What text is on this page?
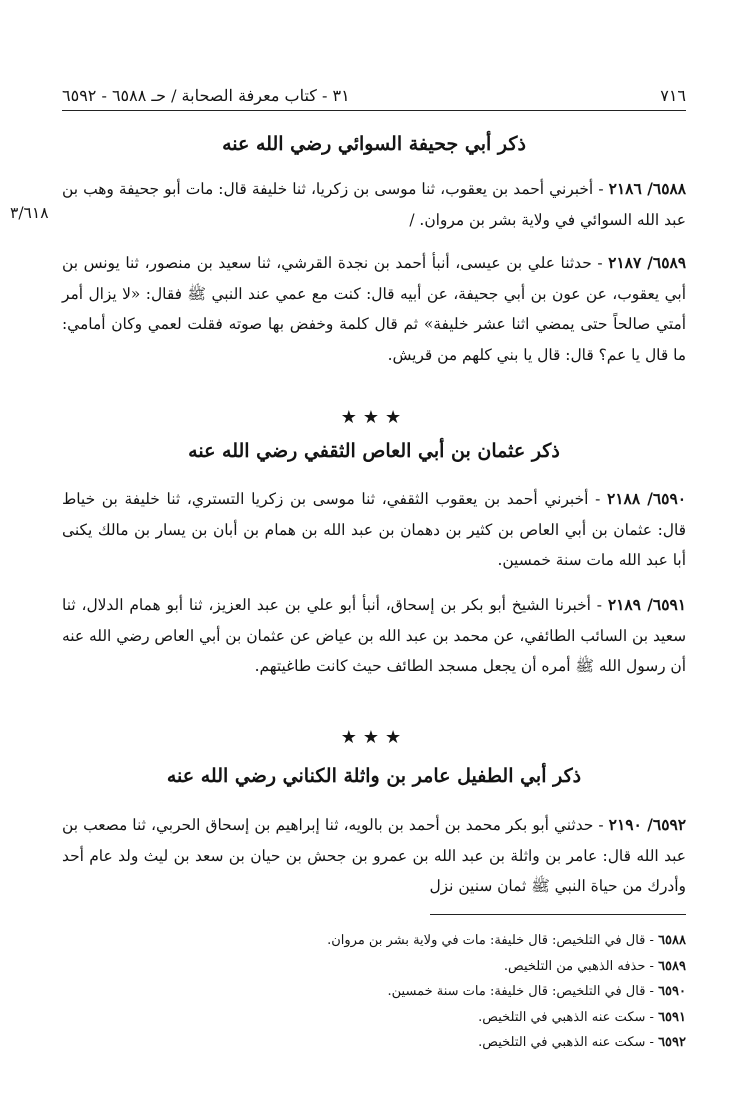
٧١٦
٣١ - كتاب معرفة الصحابة / حـ ٦٥٨٨ - ٦٥٩٢
ذكر أبي جحيفة السوائي رضي الله عنه

٦٥٨٨/ ٢١٨٦ - أخبرني أحمد بن يعقوب، ثنا موسى بن زكريا، ثنا خليفة قال: مات أبو جحيفة وهب بن عبد الله السوائي في ولاية بشر بن مروان. /

٣/٦١٨

٦٥٨٩/ ٢١٨٧ - حدثنا علي بن عيسى، أنبأ أحمد بن نجدة القرشي، ثنا سعيد بن منصور، ثنا يونس بن أبي يعقوب، عن عون بن أبي جحيفة، عن أبيه قال: كنت مع عمي عند النبي ﷺ فقال: «لا يزال أمر أمتي صالحاً حتى يمضي اثنا عشر خليفة» ثم قال كلمة وخفض بها صوته فقلت لعمي وكان أمامي: ما قال يا عم؟ قال: قال يا بني كلهم من قريش.

★★★
ذكر عثمان بن أبي العاص الثقفي رضي الله عنه

٦٥٩٠/ ٢١٨٨ - أخبرني أحمد بن يعقوب الثقفي، ثنا موسى بن زكريا التستري، ثنا خليفة بن خياط قال: عثمان بن أبي العاص بن كثير بن دهمان بن عبد الله بن همام بن أبان بن يسار بن مالك يكنى أبا عبد الله مات سنة خمسين.

٦٥٩١/ ٢١٨٩ - أخبرنا الشيخ أبو بكر بن إسحاق، أنبأ أبو علي بن عبد العزيز، ثنا أبو همام الدلال، ثنا سعيد بن السائب الطائفي، عن محمد بن عبد الله بن عياض عن عثمان بن أبي العاص رضي الله عنه أن رسول الله ﷺ أمره أن يجعل مسجد الطائف حيث كانت طاغيتهم.

★★★
ذكر أبي الطفيل عامر بن واثلة الكناني رضي الله عنه

٦٥٩٢/ ٢١٩٠ - حدثني أبو بكر محمد بن أحمد بن بالويه، ثنا إبراهيم بن إسحاق الحربي، ثنا مصعب بن عبد الله قال: عامر بن واثلة بن عبد الله بن عمرو بن جحش بن حيان بن سعد بن ليث ولد عام أحد وأدرك من حياة النبي ﷺ ثمان سنين نزل

٦٥٨٨ - قال في التلخيص: قال خليفة: مات في ولاية بشر بن مروان.

٦٥٨٩ - حذفه الذهبي من التلخيص.

٦٥٩٠ - قال في التلخيص: قال خليفة: مات سنة خمسين.

٦٥٩١ - سكت عنه الذهبي في التلخيص.

٦٥٩٢ - سكت عنه الذهبي في التلخيص.
